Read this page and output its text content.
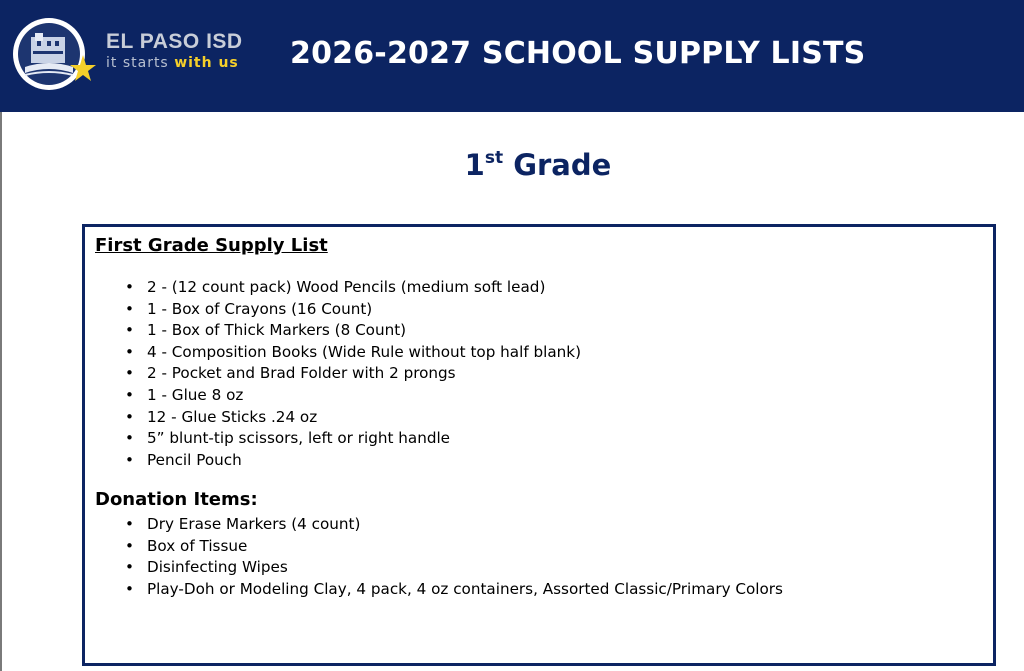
EL PASO ISD
it starts with us 2026-2027 SCHOOL SUPPLY LISTS
1st Grade
First Grade Supply List
• 2 - (12 count pack) Wood Pencils (medium soft lead)
• 1 - Box of Crayons (16 Count)
• 1 - Box of Thick Markers (8 Count)
• 4 - Composition Books (Wide Rule without top half blank)
• 2 - Pocket and Brad Folder with 2 prongs
• 1 - Glue 8 oz
• 12 - Glue Sticks .24 oz
• 5” blunt-tip scissors, left or right handle
• Pencil Pouch
Donation Items:
• Dry Erase Markers (4 count)
• Box of Tissue
• Disinfecting Wipes
• Play-Doh or Modeling Clay, 4 pack, 4 oz containers, Assorted Classic/Primary Colors
